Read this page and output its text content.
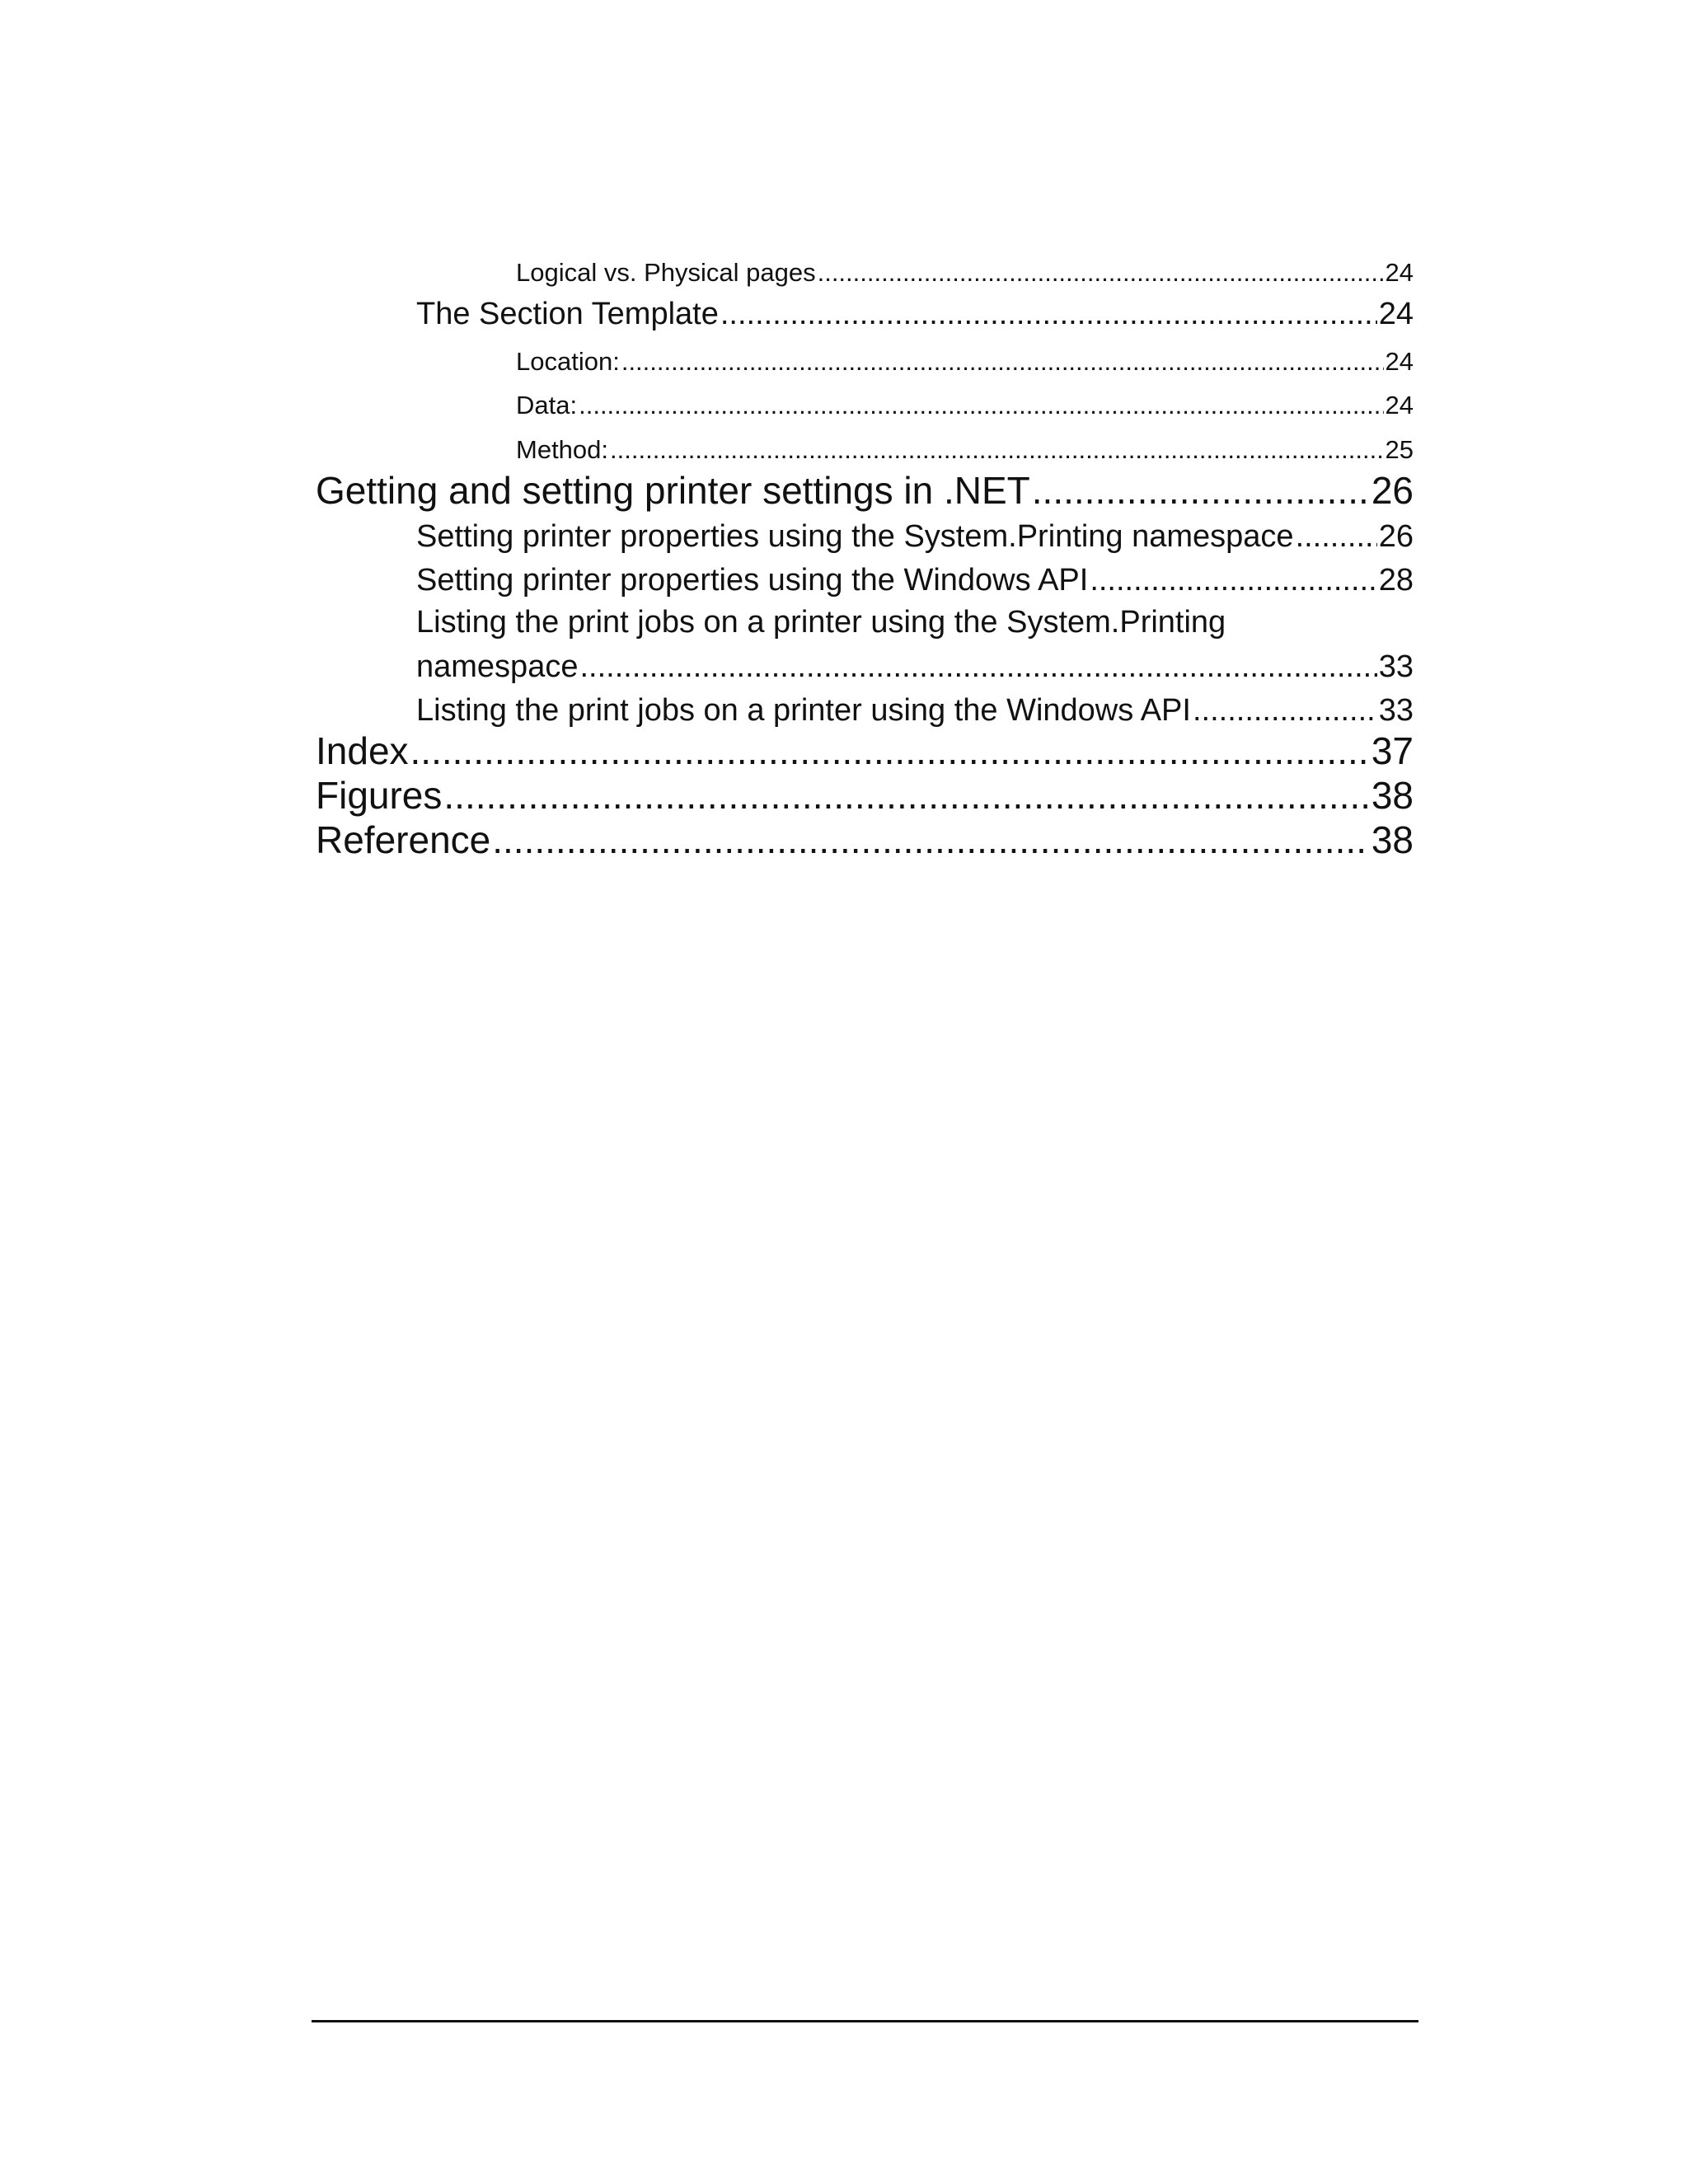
Logical vs. Physical pages .....	24
The Section Template .....	24
Location: .....	24
Data: .....	24
Method: .....	25
Getting and setting printer settings in .NET .....	26
Setting printer properties using the System.Printing namespace .....	26
Setting printer properties using the Windows API .....	28
Listing the print jobs on a printer using the System.Printing
namespace .....	33
Listing the print jobs on a printer using the Windows API .....	33
Index .....	37
Figures .....	38
Reference .....	38
